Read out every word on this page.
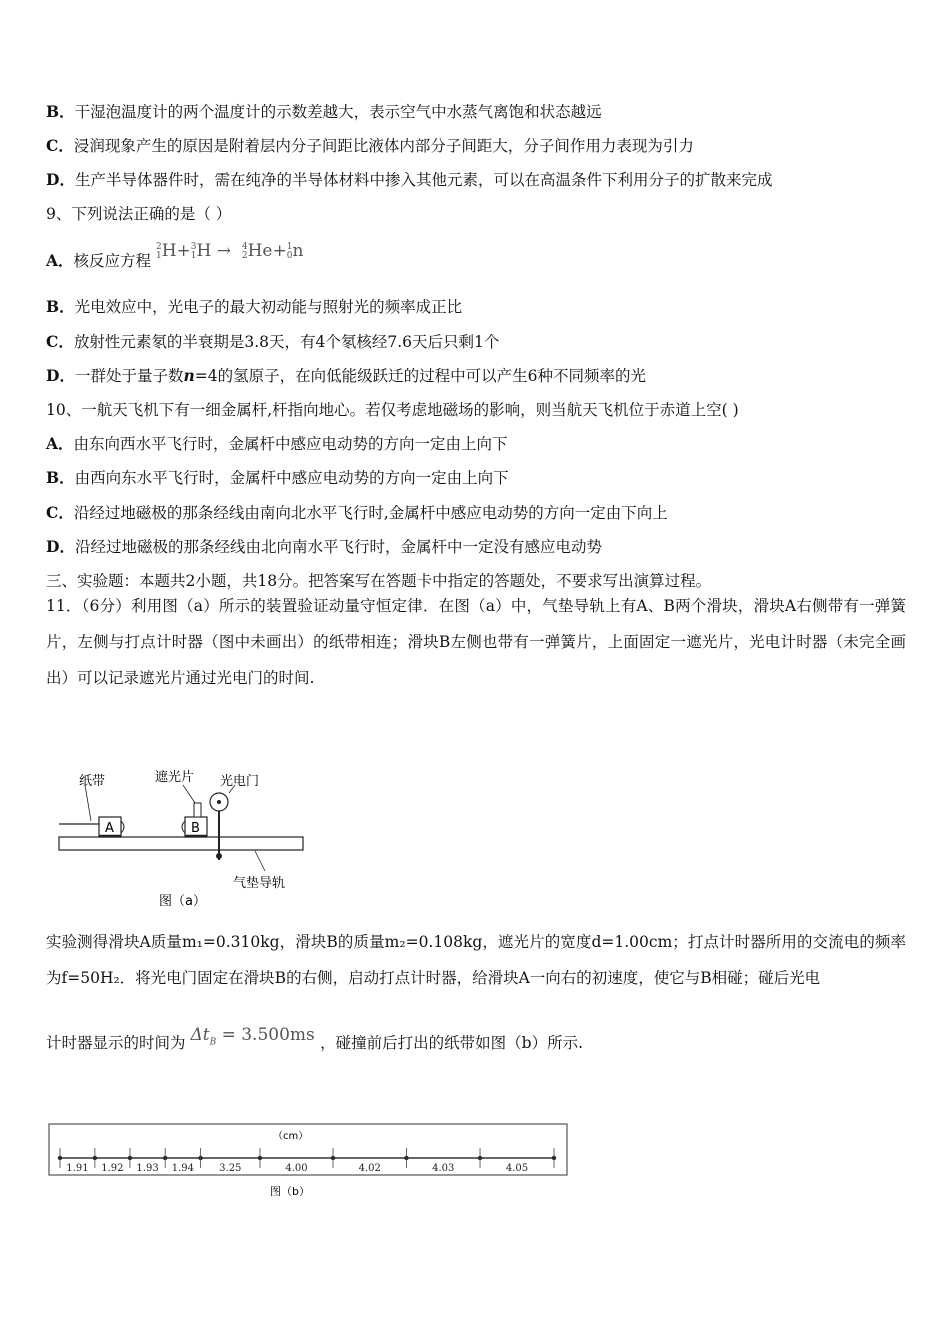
B．干湿泡温度计的两个温度计的示数差越大，表示空气中水蒸气离饱和状态越远
C．浸润现象产生的原因是附着层内分子间距比液体内部分子间距大，分子间作用力表现为引力
D．生产半导体器件时，需在纯净的半导体材料中掺入其他元素，可以在高温条件下利用分子的扩散来完成
9、下列说法正确的是（ ）
A．核反应方程 2
1H+3
1H → 4
2He+1
0n
B．光电效应中，光电子的最大初动能与照射光的频率成正比
C．放射性元素氡的半衰期是3.8天，有4个氡核经7.6天后只剩1个
D．一群处于量子数n=4的氢原子，在向低能级跃迁的过程中可以产生6种不同频率的光
10、一航天飞机下有一细金属杆,杆指向地心。若仅考虑地磁场的影响，则当航天飞机位于赤道上空( )
A．由东向西水平飞行时，金属杆中感应电动势的方向一定由上向下
B．由西向东水平飞行时，金属杆中感应电动势的方向一定由上向下
C．沿经过地磁极的那条经线由南向北水平飞行时,金属杆中感应电动势的方向一定由下向上
D．沿经过地磁极的那条经线由北向南水平飞行时，金属杆中一定没有感应电动势
三、实验题：本题共2小题，共18分。把答案写在答题卡中指定的答题处，不要求写出演算过程。
11．（6分）利用图（a）所示的装置验证动量守恒定律．在图（a）中，气垫导轨上有A、B两个滑块，滑块A右侧带有一弹簧片，左侧与打点计时器（图中未画出）的纸带相连；滑块B左侧也带有一弹簧片，上面固定一遮光片，光电计时器（未完全画出）可以记录遮光片通过光电门的时间.
纸带	遮光片 光电门
A	B
气垫导轨
图（a）
实验测得滑块A质量m₁=0.310kg，滑块B的质量m₂=0.108kg，遮光片的宽度d=1.00cm；打点计时器所用的交流电的频率为f=50H₂．将光电门固定在滑块B的右侧，启动打点计时器，给滑块A一向右的初速度，使它与B相碰；碰后光电
计时器显示的时间为 $\Delta t_B = 3.500ms$ ，碰撞前后打出的纸带如图（b）所示.
（cm）
图（b）
1.91 1.92 1.93 1.94	3.25	4.00	4.02	4.03	4.05
